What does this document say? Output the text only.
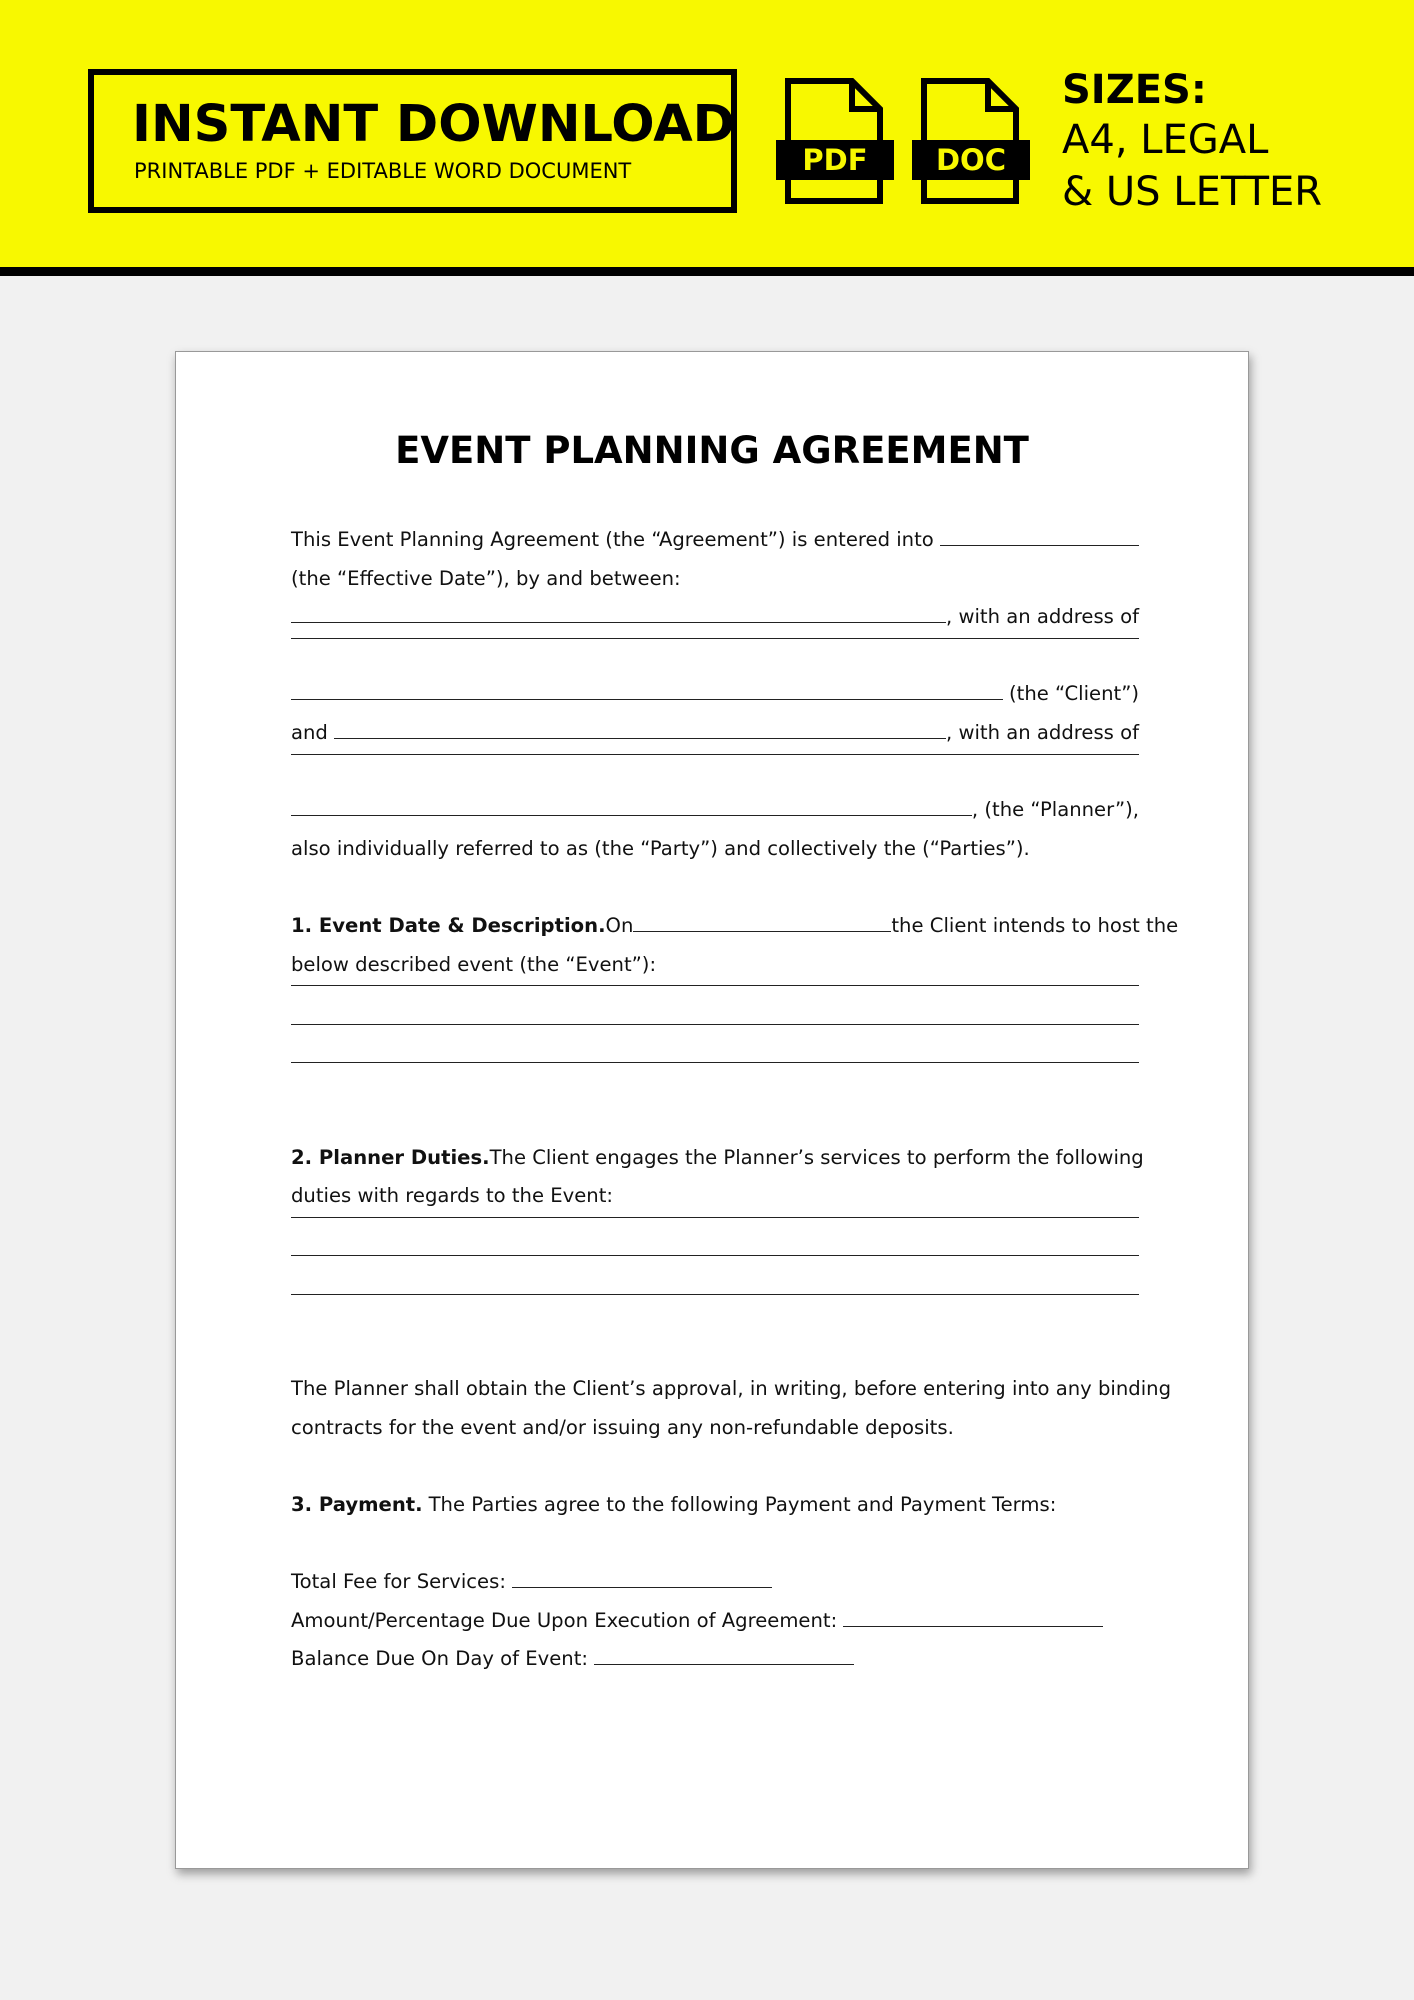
INSTANT DOWNLOAD
PRINTABLE PDF + EDITABLE WORD DOCUMENT	PDF	DOC
SIZES:
A4, LEGAL
& US LETTER
EVENT PLANNING AGREEMENT
This Event Planning Agreement (the “Agreement”) is entered into
(the “Effective Date”), by and between:
, with an address of
(the “Client”)
and	, with an address of
, (the “Planner”),
also individually referred to as (the “Party”) and collectively the (“Parties”).
1. Event Date & Description. On	the Client intends to host the
below described event (the “Event”):
2. Planner Duties. The Client engages the Planner’s services to perform the following
duties with regards to the Event:
The Planner shall obtain the Client’s approval, in writing, before entering into any binding
contracts for the event and/or issuing any non-refundable deposits.
3. Payment. The Parties agree to the following Payment and Payment Terms:
Total Fee for Services:
Amount/Percentage Due Upon Execution of Agreement:
Balance Due On Day of Event:
